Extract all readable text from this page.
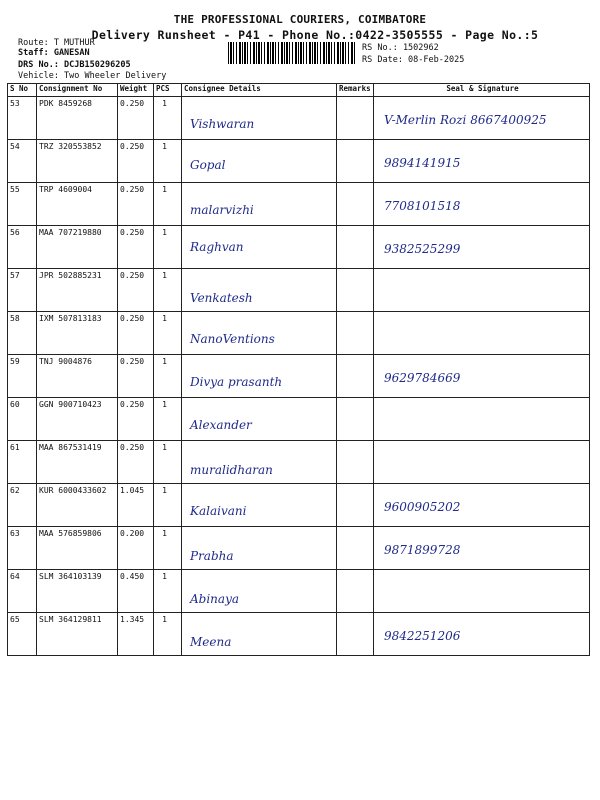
THE PROFESSIONAL COURIERS, COIMBATORE
Delivery Runsheet - P41 - Phone No.:0422-3505555 - Page No.:5
Route: T MUTHUR
Staff: GANESAN
DRS No.: DCJB150296205
Vehicle: Two Wheeler Delivery
RS No.: 1502962
RS Date: 08-Feb-2025
S No	Consignment No	Weight	PCS	Consignee Details	Remarks	Seal & Signature
53	PDK 8459268	0.250	1	Vishwaran		V-Merlin Rozi 8667400925

54	TRZ 320553852	0.250	1	Gopal		9894141915

55	TRP 4609004	0.250	1	malarvizhi		7708101518

56	MAA 707219880	0.250	1	Raghvan		9382525299

57	JPR 502885231	0.250	1	Venkatesh		

58	IXM 507813183	0.250	1	NanoVentions		

59	TNJ 9004876	0.250	1	Divya prasanth		9629784669

60	GGN 900710423	0.250	1	Alexander		

61	MAA 867531419	0.250	1	muralidharan		

62	KUR 6000433602	1.045	1	Kalaivani		9600905202

63	MAA 576859806	0.200	1	Prabha		9871899728

64	SLM 364103139	0.450	1	Abinaya		

65	SLM 364129811	1.345	1	Meena		9842251206
